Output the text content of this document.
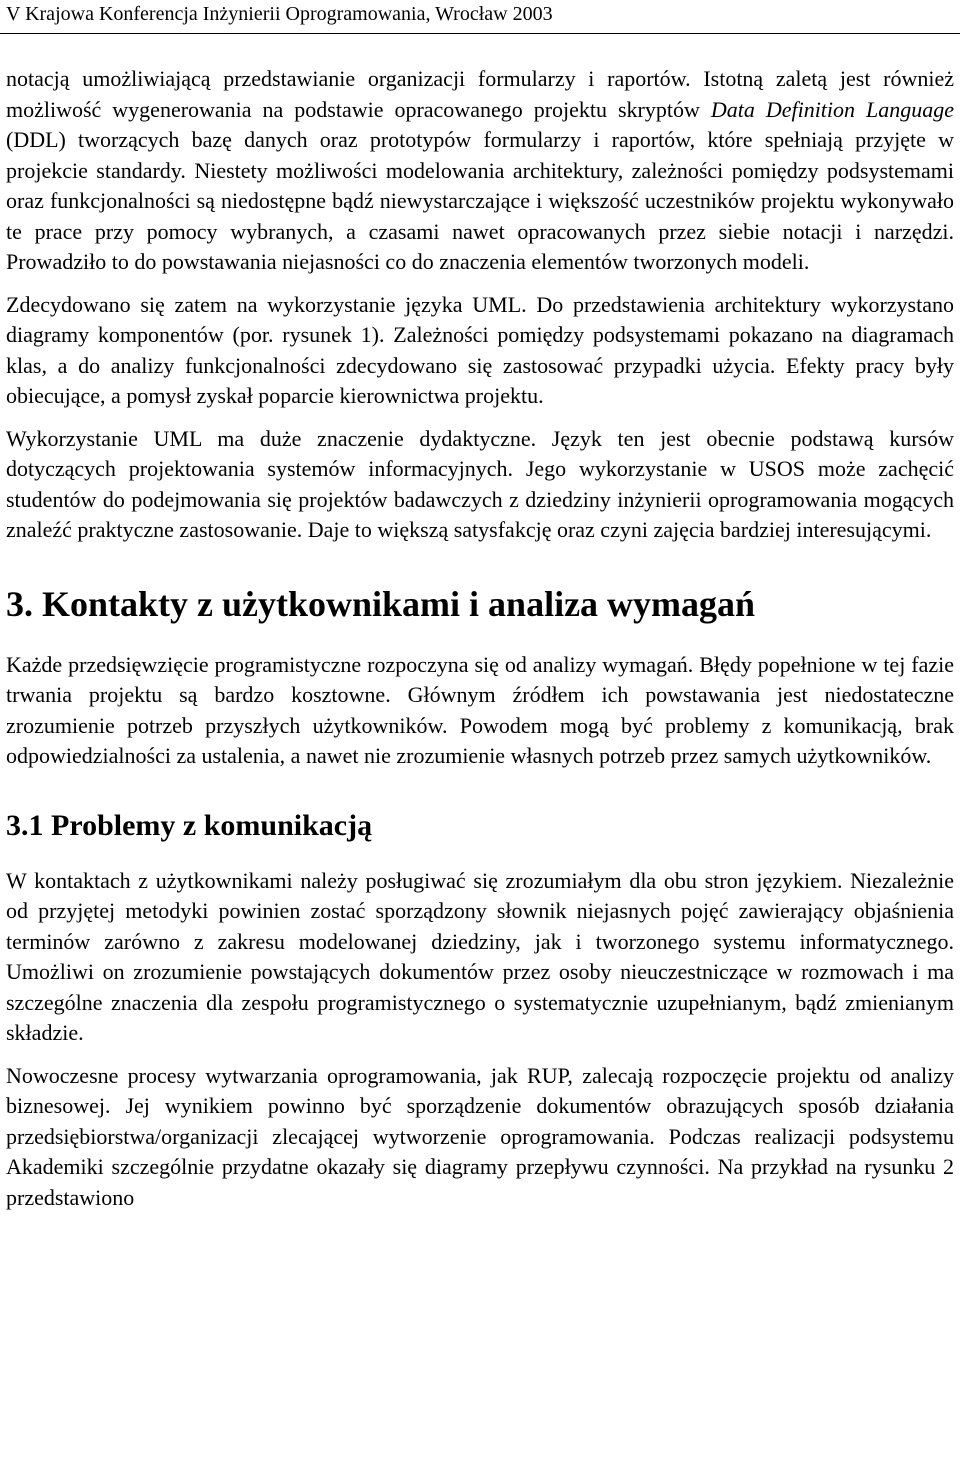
V Krajowa Konferencja Inżynierii Oprogramowania, Wrocław 2003

notacją umożliwiającą przedstawianie organizacji formularzy i raportów. Istotną zaletą jest również możliwość wygenerowania na podstawie opracowanego projektu skryptów Data Definition Language (DDL) tworzących bazę danych oraz prototypów formularzy i raportów, które spełniają przyjęte w projekcie standardy. Niestety możliwości modelowania architektury, zależności pomiędzy podsystemami oraz funkcjonalności są niedostępne bądź niewystarczające i większość uczestników projektu wykonywało te prace przy pomocy wybranych, a czasami nawet opracowanych przez siebie notacji i narzędzi. Prowadziło to do powstawania niejasności co do znaczenia elementów tworzonych modeli.

Zdecydowano się zatem na wykorzystanie języka UML. Do przedstawienia architektury wykorzystano diagramy komponentów (por. rysunek 1). Zależności pomiędzy podsystemami pokazano na diagramach klas, a do analizy funkcjonalności zdecydowano się zastosować przypadki użycia. Efekty pracy były obiecujące, a pomysł zyskał poparcie kierownictwa projektu.

Wykorzystanie UML ma duże znaczenie dydaktyczne. Język ten jest obecnie podstawą kursów dotyczących projektowania systemów informacyjnych. Jego wykorzystanie w USOS może zachęcić studentów do podejmowania się projektów badawczych z dziedziny inżynierii oprogramowania mogących znaleźć praktyczne zastosowanie. Daje to większą satysfakcję oraz czyni zajęcia bardziej interesującymi.

3. Kontakty z użytkownikami i analiza wymagań

Każde przedsięwzięcie programistyczne rozpoczyna się od analizy wymagań. Błędy popełnione w tej fazie trwania projektu są bardzo kosztowne. Głównym źródłem ich powstawania jest niedostateczne zrozumienie potrzeb przyszłych użytkowników. Powodem mogą być problemy z komunikacją, brak odpowiedzialności za ustalenia, a nawet nie zrozumienie własnych potrzeb przez samych użytkowników.

3.1 Problemy z komunikacją

W kontaktach z użytkownikami należy posługiwać się zrozumiałym dla obu stron językiem. Niezależnie od przyjętej metodyki powinien zostać sporządzony słownik niejasnych pojęć zawierający objaśnienia terminów zarówno z zakresu modelowanej dziedziny, jak i tworzonego systemu informatycznego. Umożliwi on zrozumienie powstających dokumentów przez osoby nieuczestniczące w rozmowach i ma szczególne znaczenia dla zespołu programistycznego o systematycznie uzupełnianym, bądź zmienianym składzie.

Nowoczesne procesy wytwarzania oprogramowania, jak RUP, zalecają rozpoczęcie projektu od analizy biznesowej. Jej wynikiem powinno być sporządzenie dokumentów obrazujących sposób działania przedsiębiorstwa/organizacji zlecającej wytworzenie oprogramowania. Podczas realizacji podsystemu Akademiki szczególnie przydatne okazały się diagramy przepływu czynności. Na przykład na rysunku 2 przedstawiono
